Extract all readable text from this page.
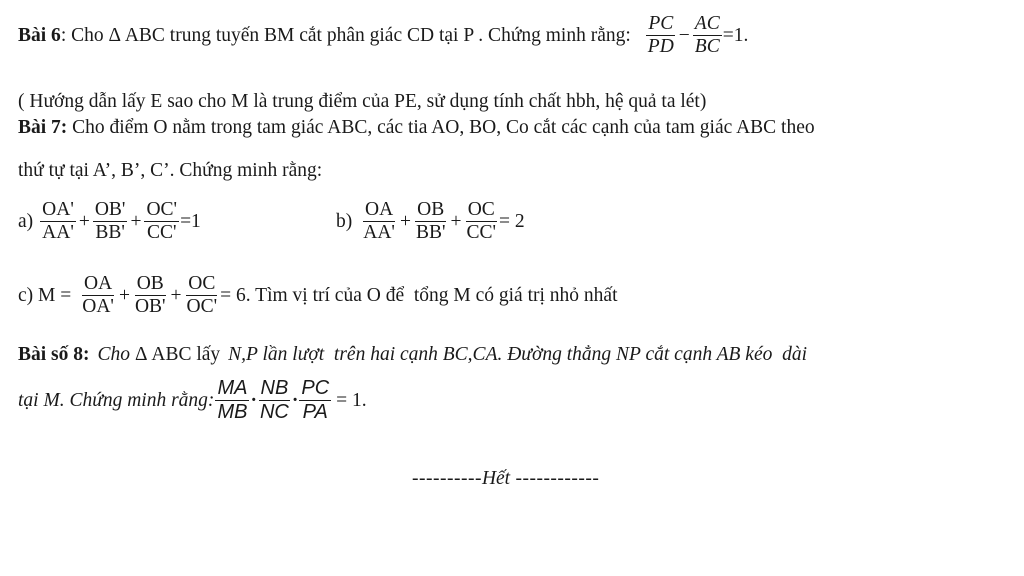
Bài 6 : Cho Δ ABC trung tuyến BM cắt phân giác CD tại P . Chứng minh rằng: $\frac{PC}{PD} - \frac{AC}{BC} =1$.
( Hướng dẫn lấy E sao cho M là trung điểm của PE, sử dụng tính chất hbh, hệ quả ta lét)
Bài 7: Cho điểm O nằm trong tam giác ABC, các tia AO, BO, Co cắt các cạnh của tam giác ABC theo
thứ tự tại A’, B’, C’. Chứng minh rằng:
$a) \frac{OA'}{AA'} + \frac{OB'}{BB'} + \frac{OC'}{CC'} =1$	$b) \frac{OA}{AA'} + \frac{OB}{BB'} + \frac{OC}{CC'} = 2$
c) $M = \frac{OA}{OA'} + \frac{OB}{OB'} + \frac{OC}{OC'} = 6$ . Tìm vị trí của O để  tổng M có giá trị nhỏ nhất
Bài số 8: Cho Δ ABC lấy N,P lần lượt  trên hai cạnh BC,CA. Đường thẳng NP cắt cạnh AB kéo  dài
tại M. Chứng minh rằng: $\frac{MA}{MB} \cdot \frac{NB}{NC} \cdot \frac{PC}{PA} = 1$.
---------- Hết ------------
